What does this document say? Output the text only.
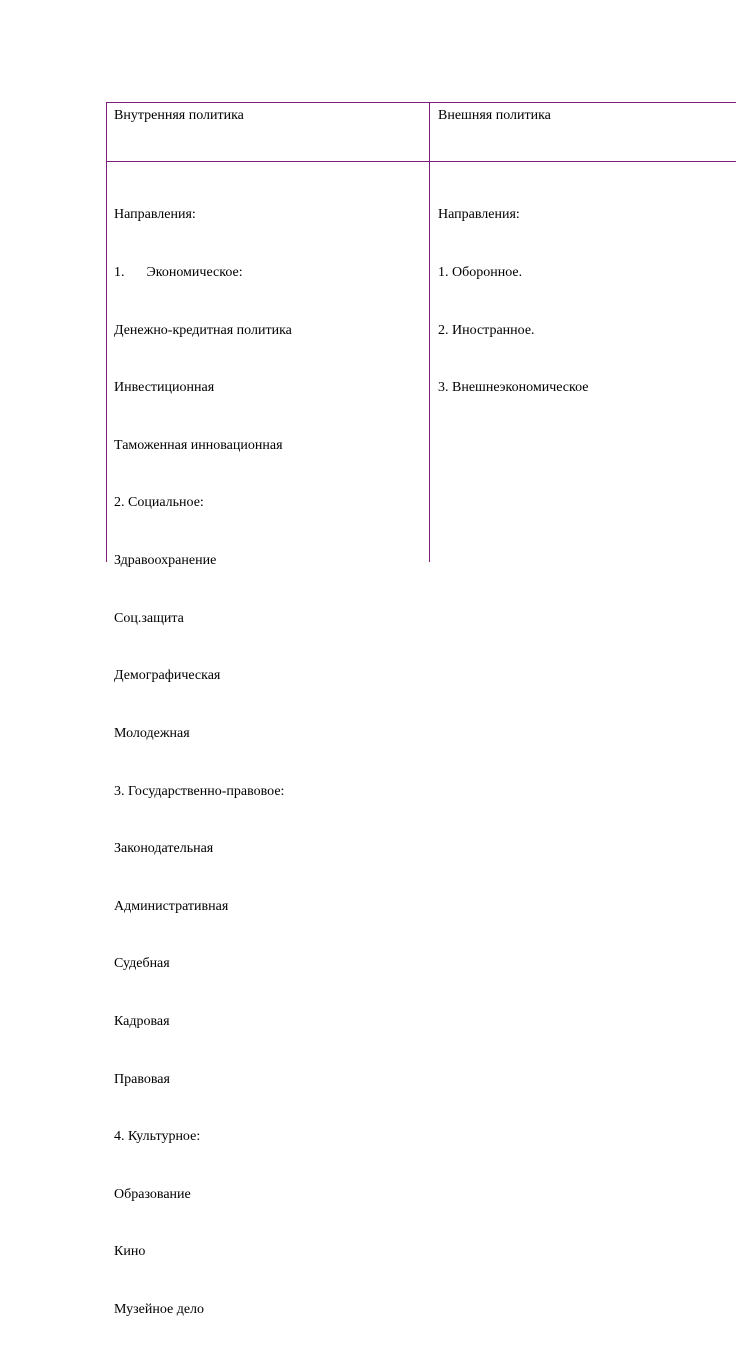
Внутренняя политика	Внешняя политика

Направления:

1. Экономическое:

Денежно-кредитная политика

Инвестиционная

Таможенная инновационная

2. Социальное:

Здравоохранение

Соц.защита

Демографическая

Молодежная

3. Государственно-правовое:

Законодательная

Административная

Судебная

Кадровая

Правовая

4. Культурное:

Образование

Кино

Музейное дело

Направления:

1. Оборонное.

2. Иностранное.

3. Внешнеэкономическое
